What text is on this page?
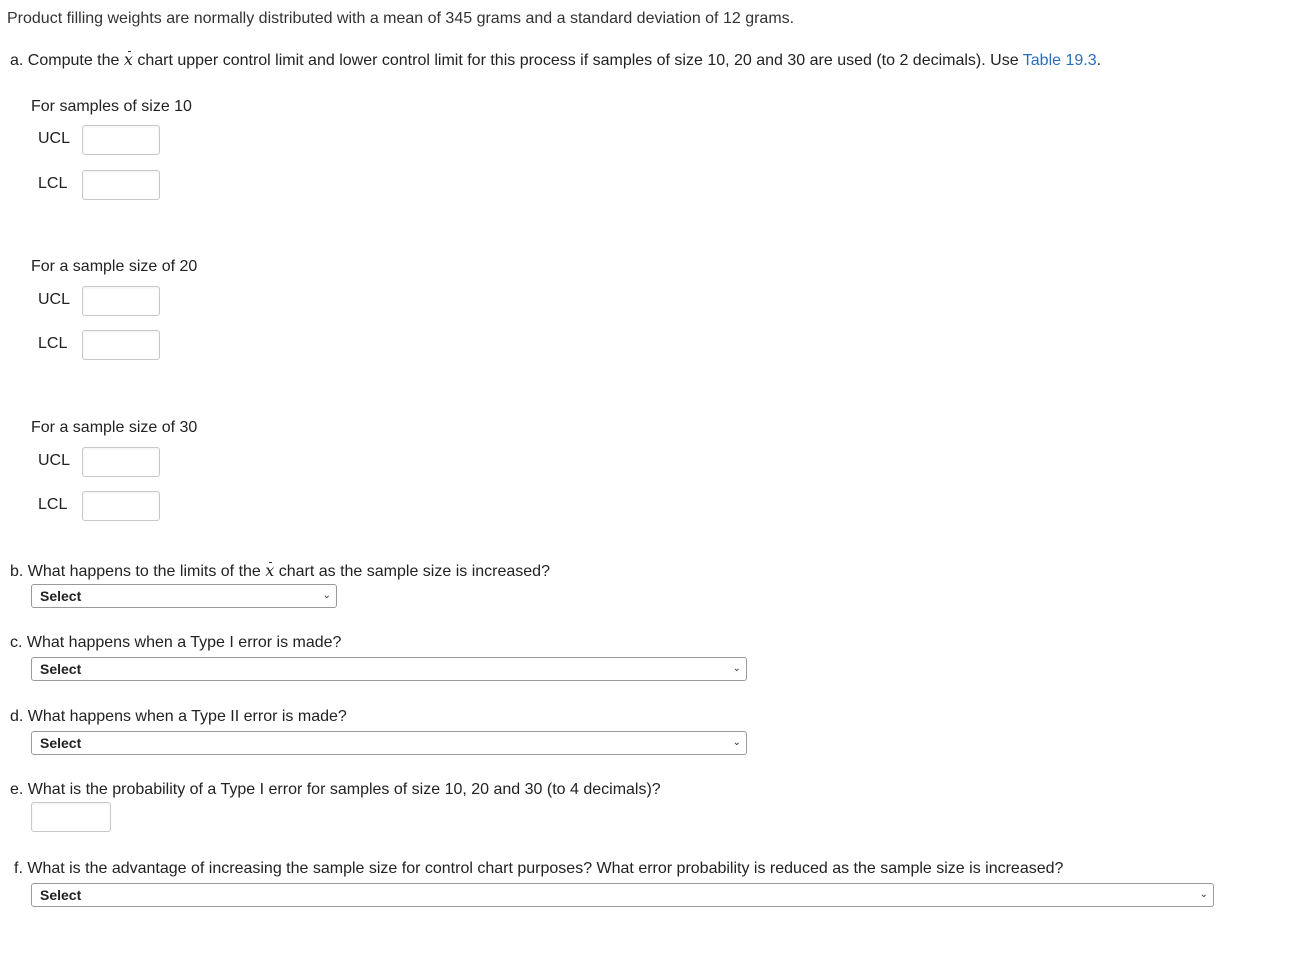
Product filling weights are normally distributed with a mean of 345 grams and a standard deviation of 12 grams.
a. Compute the x chart upper control limit and lower control limit for this process if samples of size 10, 20 and 30 are used (to 2 decimals). Use Table 19.3.
For samples of size 10
UCL
LCL
For a sample size of 20
UCL
LCL
For a sample size of 30
UCL
LCL
b. What happens to the limits of the x chart as the sample size is increased?
Select	⌄
c. What happens when a Type I error is made?
Select	⌄
d. What happens when a Type II error is made?
Select	⌄
e. What is the probability of a Type I error for samples of size 10, 20 and 30 (to 4 decimals)?
f. What is the advantage of increasing the sample size for control chart purposes? What error probability is reduced as the sample size is increased?
Select	⌄
